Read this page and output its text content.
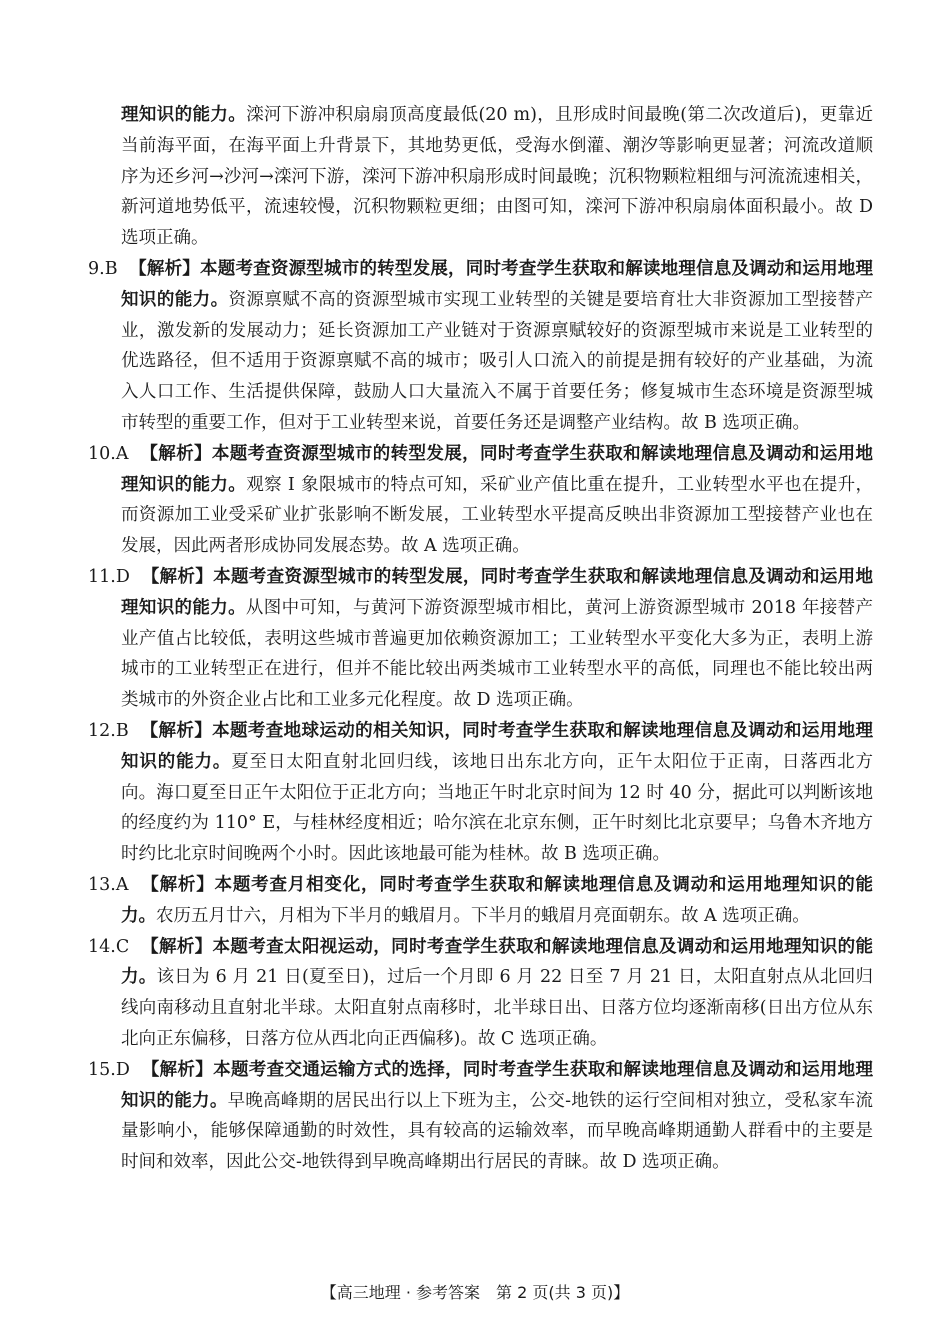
理知识的能力。滦河下游冲积扇扇顶高度最低(20 m)，且形成时间最晚(第二次改道后)，更靠近当前海平面，在海平面上升背景下，其地势更低，受海水倒灌、潮汐等影响更显著；河流改道顺序为还乡河→沙河→滦河下游，滦河下游冲积扇形成时间最晚；沉积物颗粒粗细与河流流速相关，新河道地势低平，流速较慢，沉积物颗粒更细；由图可知，滦河下游冲积扇扇体面积最小。故 D 选项正确。

9.B 【解析】本题考查资源型城市的转型发展，同时考查学生获取和解读地理信息及调动和运用地理知识的能力。资源禀赋不高的资源型城市实现工业转型的关键是要培育壮大非资源加工型接替产业，激发新的发展动力；延长资源加工产业链对于资源禀赋较好的资源型城市来说是工业转型的优选路径，但不适用于资源禀赋不高的城市；吸引人口流入的前提是拥有较好的产业基础，为流入人口工作、生活提供保障，鼓励人口大量流入不属于首要任务；修复城市生态环境是资源型城市转型的重要工作，但对于工业转型来说，首要任务还是调整产业结构。故 B 选项正确。

10.A 【解析】本题考查资源型城市的转型发展，同时考查学生获取和解读地理信息及调动和运用地理知识的能力。观察 Ⅰ 象限城市的特点可知，采矿业产值比重在提升，工业转型水平也在提升，而资源加工业受采矿业扩张影响不断发展，工业转型水平提高反映出非资源加工型接替产业也在发展，因此两者形成协同发展态势。故 A 选项正确。

11.D 【解析】本题考查资源型城市的转型发展，同时考查学生获取和解读地理信息及调动和运用地理知识的能力。从图中可知，与黄河下游资源型城市相比，黄河上游资源型城市 2018 年接替产业产值占比较低，表明这些城市普遍更加依赖资源加工；工业转型水平变化大多为正，表明上游城市的工业转型正在进行，但并不能比较出两类城市工业转型水平的高低，同理也不能比较出两类城市的外资企业占比和工业多元化程度。故 D 选项正确。

12.B 【解析】本题考查地球运动的相关知识，同时考查学生获取和解读地理信息及调动和运用地理知识的能力。夏至日太阳直射北回归线，该地日出东北方向，正午太阳位于正南，日落西北方向。海口夏至日正午太阳位于正北方向；当地正午时北京时间为 12 时 40 分，据此可以判断该地的经度约为 110° E，与桂林经度相近；哈尔滨在北京东侧，正午时刻比北京要早；乌鲁木齐地方时约比北京时间晚两个小时。因此该地最可能为桂林。故 B 选项正确。

13.A 【解析】本题考查月相变化，同时考查学生获取和解读地理信息及调动和运用地理知识的能力。农历五月廿六，月相为下半月的蛾眉月。下半月的蛾眉月亮面朝东。故 A 选项正确。

14.C 【解析】本题考查太阳视运动，同时考查学生获取和解读地理信息及调动和运用地理知识的能力。该日为 6 月 21 日(夏至日)，过后一个月即 6 月 22 日至 7 月 21 日，太阳直射点从北回归线向南移动且直射北半球。太阳直射点南移时，北半球日出、日落方位均逐渐南移(日出方位从东北向正东偏移，日落方位从西北向正西偏移)。故 C 选项正确。

15.D 【解析】本题考查交通运输方式的选择，同时考查学生获取和解读地理信息及调动和运用地理知识的能力。早晚高峰期的居民出行以上下班为主，公交-地铁的运行空间相对独立，受私家车流量影响小，能够保障通勤的时效性，具有较高的运输效率，而早晚高峰期通勤人群看中的主要是时间和效率，因此公交-地铁得到早晚高峰期出行居民的青睐。故 D 选项正确。

【高三地理 · 参考答案　第 2 页(共 3 页)】
